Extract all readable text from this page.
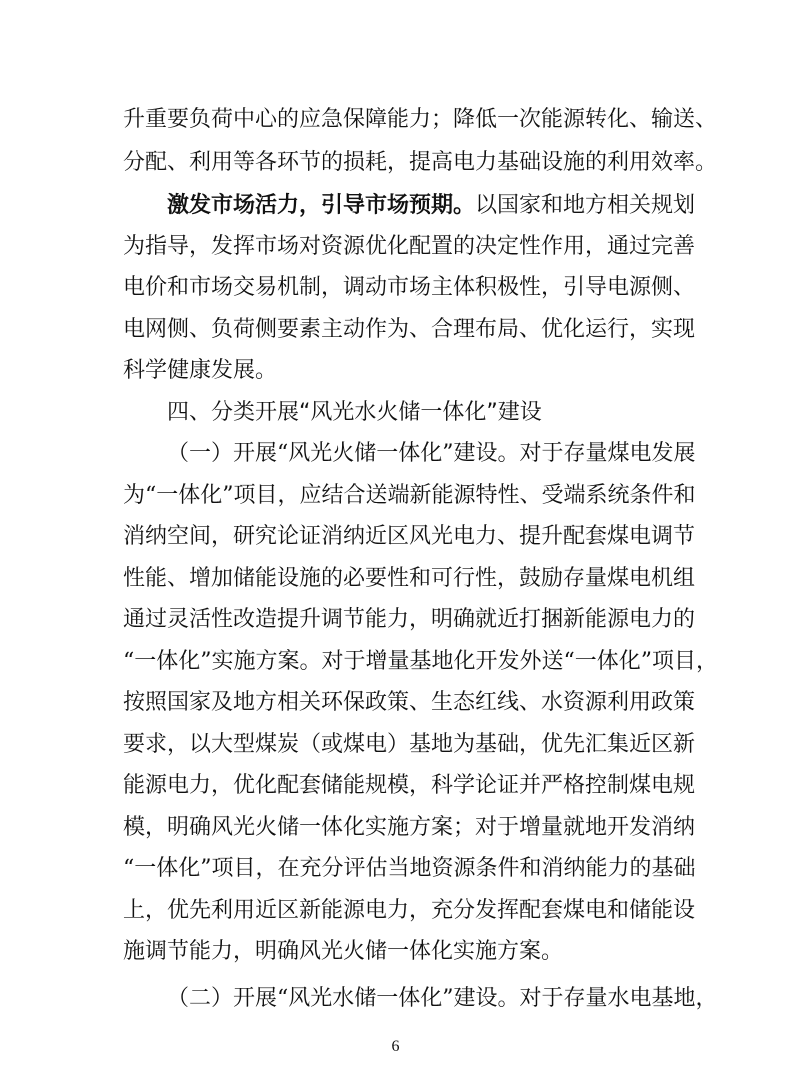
升重要负荷中心的应急保障能力；降低一次能源转化、输送、
分配、利用等各环节的损耗，提高电力基础设施的利用效率。
激发市场活力，引导市场预期。以国家和地方相关规划
为指导，发挥市场对资源优化配置的决定性作用，通过完善
电价和市场交易机制，调动市场主体积极性，引导电源侧、
电网侧、负荷侧要素主动作为、合理布局、优化运行，实现
科学健康发展。
四、分类开展“风光水火储一体化”建设
（一）开展“风光火储一体化”建设。对于存量煤电发展
为“一体化”项目，应结合送端新能源特性、受端系统条件和
消纳空间，研究论证消纳近区风光电力、提升配套煤电调节
性能、增加储能设施的必要性和可行性，鼓励存量煤电机组
通过灵活性改造提升调节能力，明确就近打捆新能源电力的
“一体化”实施方案。对于增量基地化开发外送“一体化”项目，
按照国家及地方相关环保政策、生态红线、水资源利用政策
要求，以大型煤炭（或煤电）基地为基础，优先汇集近区新
能源电力，优化配套储能规模，科学论证并严格控制煤电规
模，明确风光火储一体化实施方案；对于增量就地开发消纳
“一体化”项目，在充分评估当地资源条件和消纳能力的基础
上，优先利用近区新能源电力，充分发挥配套煤电和储能设
施调节能力，明确风光火储一体化实施方案。
（二）开展“风光水储一体化”建设。对于存量水电基地，
6
